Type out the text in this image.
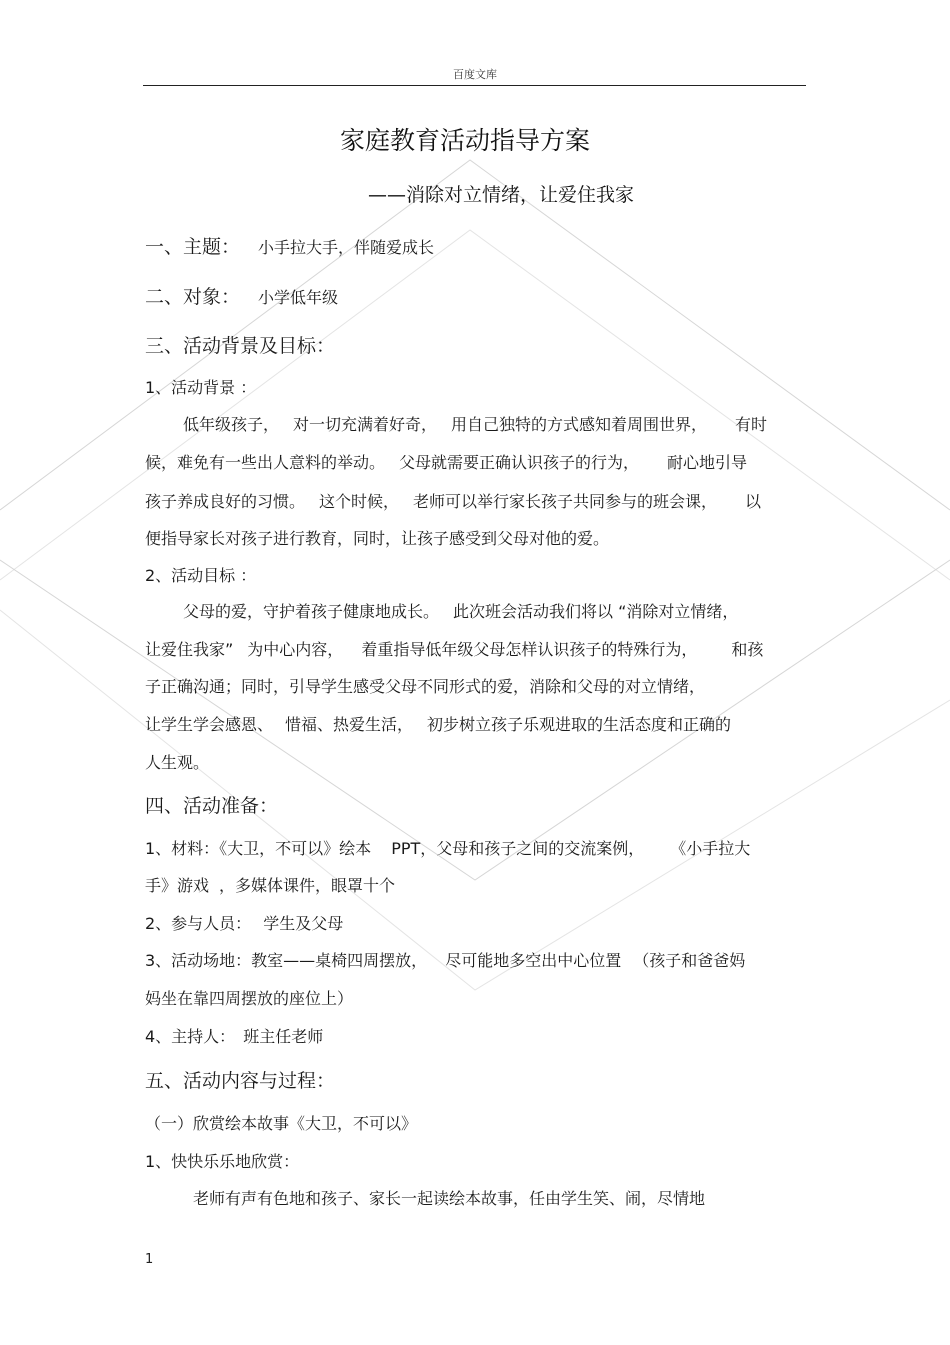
百度文库
家庭教育活动指导方案
——消除对立情绪，让爱住我家
一、主题： 小手拉大手，伴随爱成长
二、对象： 小学低年级
三、活动背景及目标：
1、活动背景 ：
低年级孩子， 对一切充满着好奇， 用自己独特的方式感知着周围世界， 有时
候，难免有一些出人意料的举动。 父母就需要正确认识孩子的行为， 耐心地引导
孩子养成良好的习惯。 这个时候， 老师可以举行家长孩子共同参与的班会课， 以
便指导家长对孩子进行教育，同时，让孩子感受到父母对他的爱。
2、活动目标 ：
父母的爱，守护着孩子健康地成长。 此次班会活动我们将以 “消除对立情绪，
让爱住我家” 为中心内容， 着重指导低年级父母怎样认识孩子的特殊行为， 和孩
子正确沟通；同时，引导学生感受父母不同形式的爱，消除和父母的对立情绪，
让学生学会感恩、 惜福、热爱生活， 初步树立孩子乐观进取的生活态度和正确的
人生观。
四、活动准备：
1、材料：《大卫，不可以》绘本 PPT，父母和孩子之间的交流案例， 《小手拉大
手》游戏 ，多媒体课件，眼罩十个
2、参与人员： 学生及父母
3、活动场地：教室——桌椅四周摆放， 尽可能地多空出中心位置 （孩子和爸爸妈
妈坐在靠四周摆放的座位上）
4、主持人： 班主任老师
五、活动内容与过程：
（一）欣赏绘本故事《大卫，不可以》
1、快快乐乐地欣赏：
老师有声有色地和孩子、家长一起读绘本故事，任由学生笑、闹，尽情地
1
